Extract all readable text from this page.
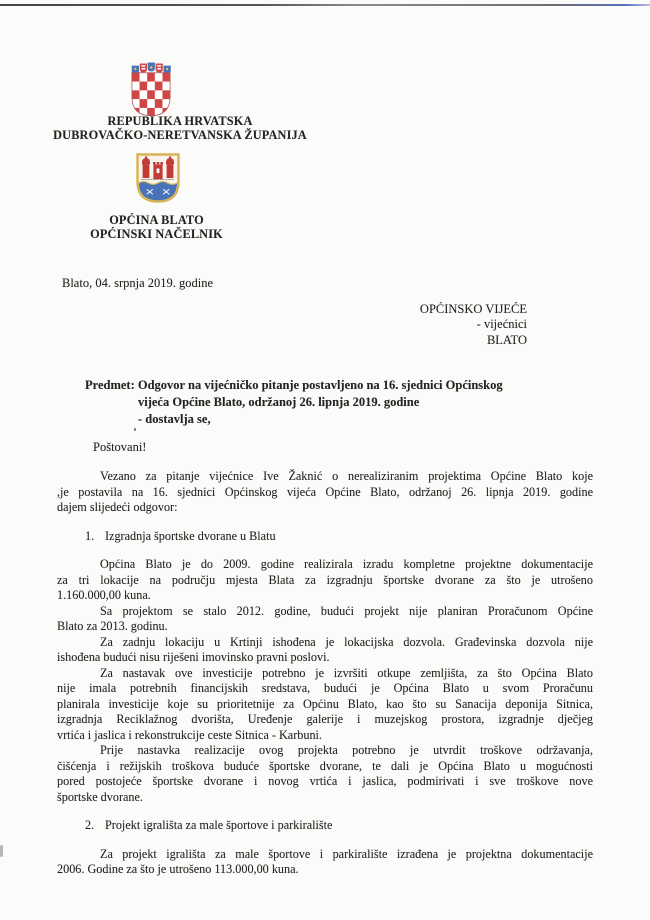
REPUBLIKA HRVATSKA
DUBROVAČKO-NERETVANSKA ŽUPANIJA
OPĆINA BLATO
OPĆINSKI NAČELNIK
Blato, 04. srpnja 2019. godine
OPĆINSKO VIJEĆE
- vijećnici
BLATO
Predmet: Odgovor na vijećničko pitanje postavljeno na 16. sjednici Općinskog
vijeća Općine Blato, održanoj 26. lipnja 2019. godine
- dostavlja se,
Poštovani!
Vezano za pitanje vijećnice Ive Žaknić o nerealiziranim projektima Općine Blato koje
,je postavila na 16. sjednici Općinskog vijeća Općine Blato, održanoj 26. lipnja 2019. godine
dajem slijedeći odgovor:
1. Izgradnja športske dvorane u Blatu
Općina Blato je do 2009. godine realizirala izradu kompletne projektne dokumentacije
za tri lokacije na području mjesta Blata za izgradnju športske dvorane za što je utrošeno
1.160.000,00 kuna.
Sa projektom se stalo 2012. godine, budući projekt nije planiran Proračunom Općine
Blato za 2013. godinu.
Za zadnju lokaciju u Krtinji ishođena je lokacijska dozvola. Građevinska dozvola nije
ishođena budući nisu riješeni imovinsko pravni poslovi.
Za nastavak ove investicije potrebno je izvršiti otkupe zemljišta, za što Općina Blato
nije imala potrebnih financijskih sredstava, budući je Općina Blato u svom Proračunu
planirala investicije koje su prioritetnije za Općinu Blato, kao što su Sanacija deponija Sitnica,
izgradnja Reciklažnog dvorišta, Uređenje galerije i muzejskog prostora, izgradnje dječjeg
vrtića i jaslica i rekonstrukcije ceste Sitnica - Karbuni.
Prije nastavka realizacije ovog projekta potrebno je utvrdit troškove održavanja,
čišćenja i režijskih troškova buduće športske dvorane, te dali je Općina Blato u mogućnosti
pored postojeće športske dvorane i novog vrtića i jaslica, podmirivati i sve troškove nove
športske dvorane.
2. Projekt igrališta za male športove i parkiralište
Za projekt igrališta za male športove i parkiralište izrađena je projektna dokumentacije
2006. Godine za što je utrošeno 113.000,00 kuna.
